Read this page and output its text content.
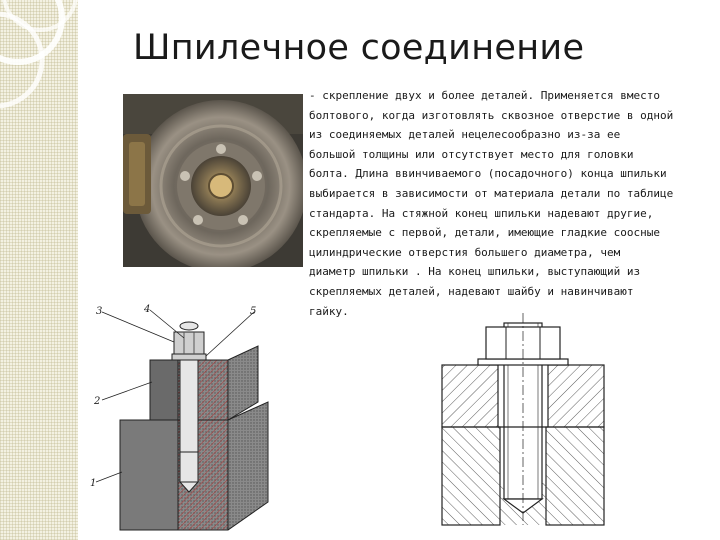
Шпилечное соединение
- скрепление двух и более деталей. Применяется вместо
болтового, когда изготовлять сквозное отверстие в одной
из соединяемых деталей нецелесообразно из-за ее
большой толщины или отсутствует место для головки
болта. Длина ввинчиваемого (посадочного) конца шпильки
выбирается в зависимости от материала детали по таблице
стандарта. На стяжной конец шпильки надевают другие,
скрепляемые с первой, детали, имеющие гладкие соосные
цилиндрические отверстия большего диаметра, чем
диаметр шпильки . На конец шпильки, выступающий из
скрепляемых деталей, надевают шайбу и навинчивают
гайку.
3	4	5
2
1
